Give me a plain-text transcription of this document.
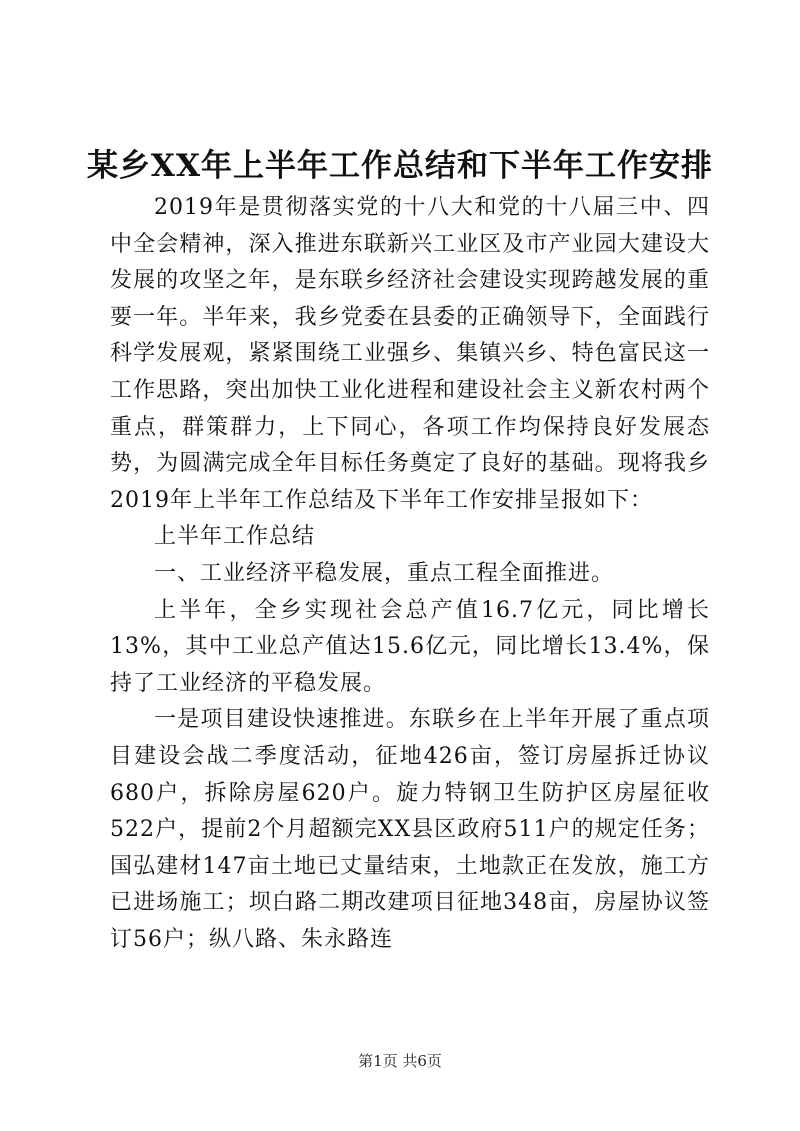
某乡XX年上半年工作总结和下半年工作安排

2019年是贯彻落实党的十八大和党的十八届三中、四中全会精神，深入推进东联新兴工业区及市产业园大建设大发展的攻坚之年，是东联乡经济社会建设实现跨越发展的重要一年。半年来，我乡党委在县委的正确领导下，全面践行科学发展观，紧紧围绕工业强乡、集镇兴乡、特色富民这一工作思路，突出加快工业化进程和建设社会主义新农村两个重点，群策群力，上下同心，各项工作均保持良好发展态势，为圆满完成全年目标任务奠定了良好的基础。现将我乡2019年上半年工作总结及下半年工作安排呈报如下：

上半年工作总结

一、工业经济平稳发展，重点工程全面推进。

上半年，全乡实现社会总产值16.7亿元，同比增长13%，其中工业总产值达15.6亿元，同比增长13.4%，保持了工业经济的平稳发展。

一是项目建设快速推进。东联乡在上半年开展了重点项目建设会战二季度活动，征地426亩，签订房屋拆迁协议680户，拆除房屋620户。旋力特钢卫生防护区房屋征收522户，提前2个月超额完XX县区政府511户的规定任务；国弘建材147亩土地已丈量结束，土地款正在发放，施工方已进场施工；坝白路二期改建项目征地348亩，房屋协议签订56户；纵八路、朱永路连

第1页 共6页
